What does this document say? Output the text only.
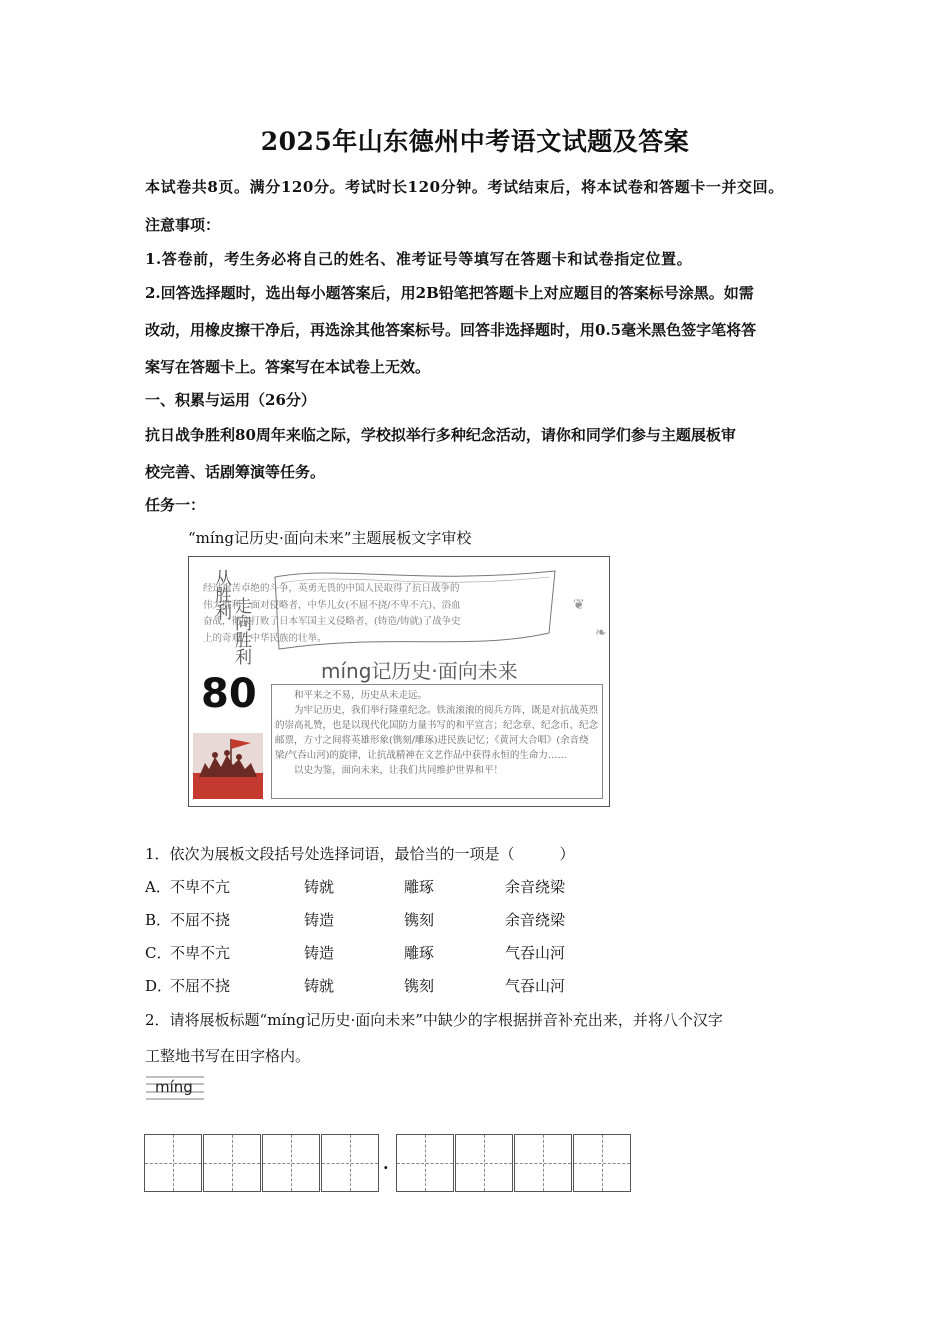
2025年山东德州中考语文试题及答案
本试卷共8页。满分120分。考试时长120分钟。考试结束后，将本试卷和答题卡一并交回。
注意事项：
1.答卷前，考生务必将自己的姓名、准考证号等填写在答题卡和试卷指定位置。
2.回答选择题时，选出每小题答案后，用2B铅笔把答题卡上对应题目的答案标号涂黑。如需
改动，用橡皮擦干净后，再选涂其他答案标号。回答非选择题时，用0.5毫米黑色签字笔将答
案写在答题卡上。答案写在本试卷上无效。
一、积累与运用（26分）
抗日战争胜利80周年来临之际，学校拟举行多种纪念活动，请你和同学们参与主题展板审
校完善、话剧筹演等任务。
任务一：
“míng记历史·面向未来”主题展板文字审校
从胜利
走向胜利
80
经过艰苦卓绝的斗争，英勇无畏的中国人民取得了抗日战争的伟大胜利！面对侵略者，中华儿女(不屈不挠/不卑不亢)、浴血奋战，彻底打败了日本军国主义侵略者，(铸造/铸就)了战争史上的奇观，中华民族的壮举。
❦
❧
míng记历史·面向未来

和平来之不易，历史从未走远。

为牢记历史，我们举行隆重纪念。铁流滚滚的阅兵方阵，既是对抗战英烈的崇高礼赞，也是以现代化国防力量书写的和平宣言；纪念章、纪念币、纪念邮票，方寸之间将英雄形象(镌刻/雕琢)进民族记忆；《黄河大合唱》(余音绕梁/气吞山河)的旋律，让抗战精神在文艺作品中获得永恒的生命力……

以史为鉴，面向未来，让我们共同维护世界和平！

1．依次为展板文段括号处选择词语，最恰当的一项是（　　　）
A． 不卑不亢	铸就	雕琢	余音绕梁
B．
不屈不挠	铸造	镌刻	余音绕梁
C．
不卑不亢	铸造	雕琢	气吞山河
D．
不屈不挠	铸就	镌刻	气吞山河
2．请将展板标题“míng记历史·面向未来”中缺少的字根据拼音补充出来，并将八个汉字
工整地书写在田字格内。
míng
·
